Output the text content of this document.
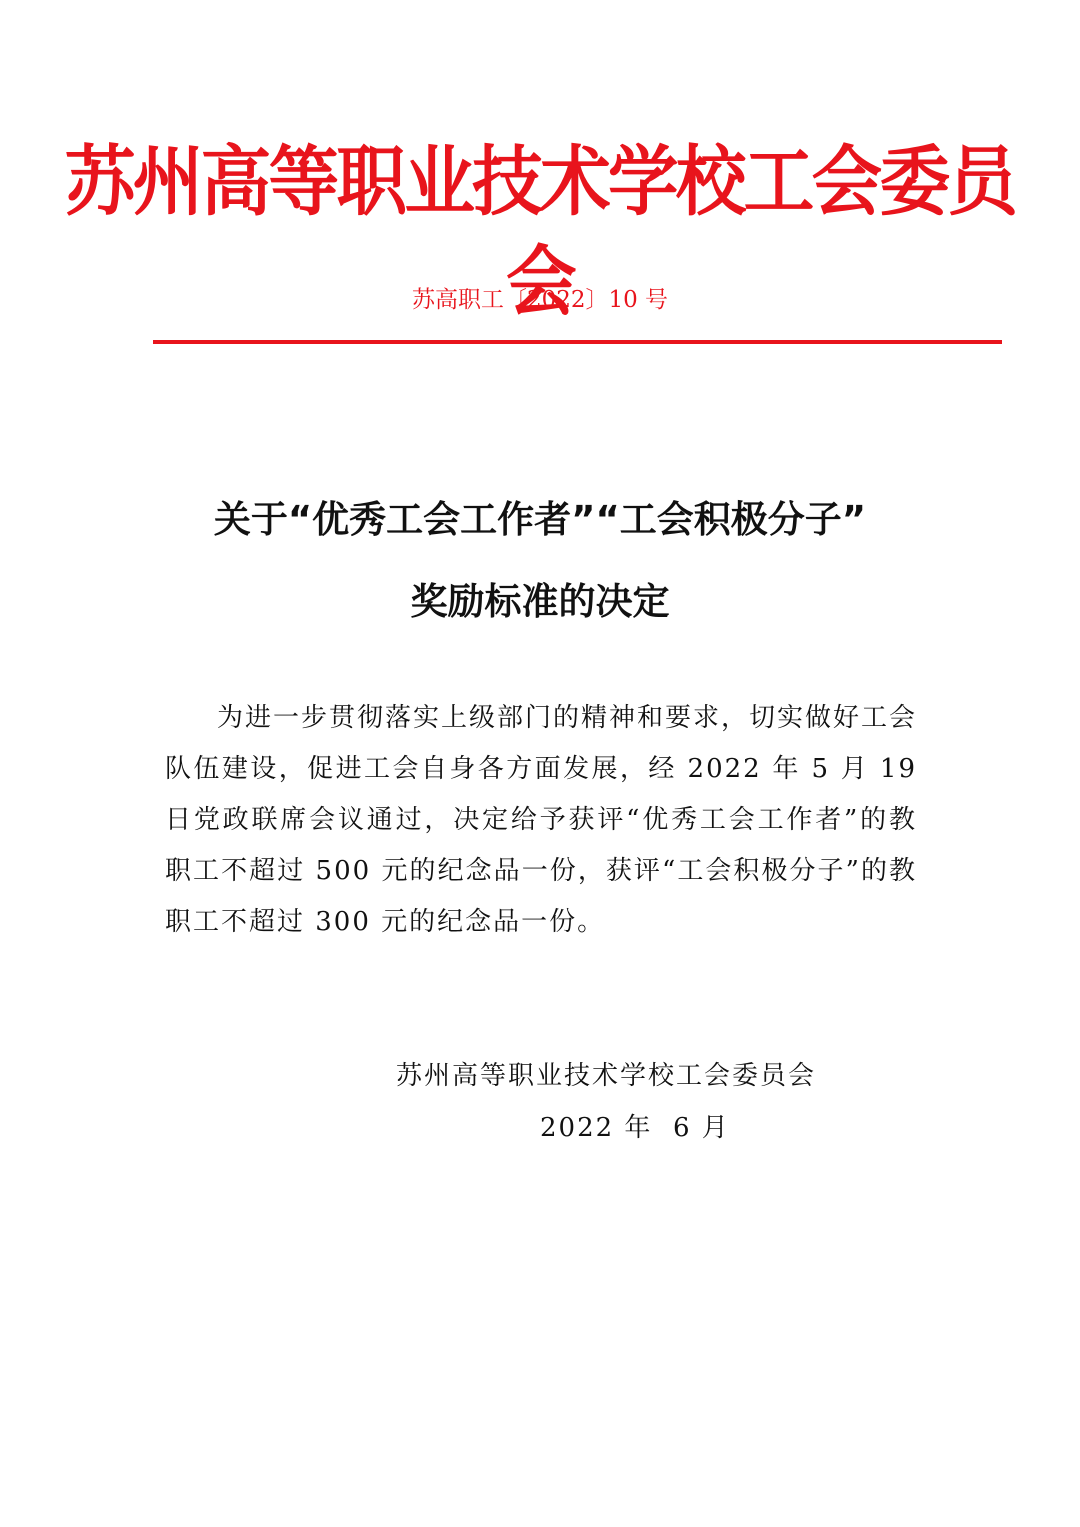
苏州高等职业技术学校工会委员会
苏高职工〔2022〕10 号
关于“优秀工会工作者”“工会积极分子”
奖励标准的决定

为进一步贯彻落实上级部门的精神和要求，切实做好工会队伍建设，促进工会自身各方面发展，经 2022 年 5 月 19 日党政联席会议通过，决定给予获评“优秀工会工作者”的教职工不超过 500 元的纪念品一份，获评“工会积极分子”的教职工不超过 300 元的纪念品一份。

苏州高等职业技术学校工会委员会
2022 年  6 月
